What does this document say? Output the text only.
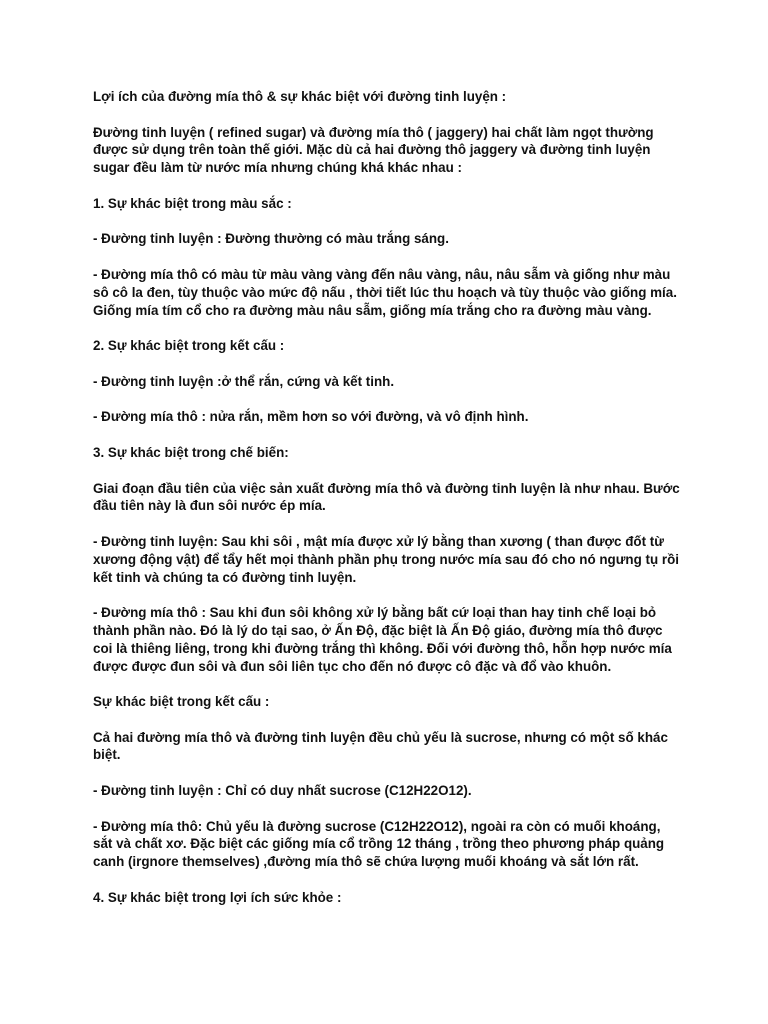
Lợi ích của đường mía thô & sự khác biệt với đường tinh luyện :

Đường tinh luyện ( refined sugar) và đường mía thô ( jaggery) hai chất làm ngọt thường được sử dụng trên toàn thế giới. Mặc dù cả hai đường thô jaggery và đường tinh luyện sugar đều làm từ nước mía nhưng chúng khá khác nhau :

1. Sự khác biệt trong màu sắc :

- Đường tinh luyện : Đường thường có màu trắng sáng.

- Đường mía thô có màu từ màu vàng vàng đến nâu vàng, nâu, nâu sẫm và giống như màu sô cô la đen, tùy thuộc vào mức độ nấu , thời tiết lúc thu hoạch và tùy thuộc vào giống mía. Giống mía tím cổ cho ra đường màu nâu sẫm, giống mía trắng cho ra đường màu vàng.

2. Sự khác biệt trong kết cấu :

- Đường tinh luyện :ở thể rắn, cứng và kết tinh.

- Đường mía thô : nửa rắn, mềm hơn so với đường, và vô định hình.

3. Sự khác biệt trong chế biến:

Giai đoạn đầu tiên của việc sản xuất đường mía thô và đường tinh luyện là như nhau. Bước đầu tiên này là đun sôi nước ép mía.

- Đường tinh luyện: Sau khi sôi , mật mía được xử lý bằng than xương ( than được đốt từ xương động vật) để tẩy hết mọi thành phần phụ trong nước mía sau đó cho nó ngưng tụ rồi kết tinh và chúng ta có đường tinh luyện.

- Đường mía thô : Sau khi đun sôi không xử lý bằng bất cứ loại than hay tinh chế loại bỏ thành phần nào. Đó là lý do tại sao, ở Ấn Độ, đặc biệt là Ấn Độ giáo, đường mía thô được coi là thiêng liêng, trong khi đường trắng thì không. Đối với đường thô, hỗn hợp nước mía được được đun sôi và đun sôi liên tục cho đến nó được cô đặc và đổ vào khuôn.

Sự khác biệt trong kết cấu :

Cả hai đường mía thô và đường tinh luyện đều chủ yếu là sucrose, nhưng có một số khác biệt.

- Đường tinh luyện : Chỉ có duy nhất sucrose (C12H22O12).

- Đường mía thô: Chủ yếu là đường sucrose (C12H22O12), ngoài ra còn có muối khoáng, sắt và chất xơ. Đặc biệt các giống mía cổ trồng 12 tháng , trồng theo phương pháp quảng canh (irgnore themselves) ,đường mía thô sẽ chứa lượng muối khoáng và sắt lớn rất.

4. Sự khác biệt trong lợi ích sức khỏe :
